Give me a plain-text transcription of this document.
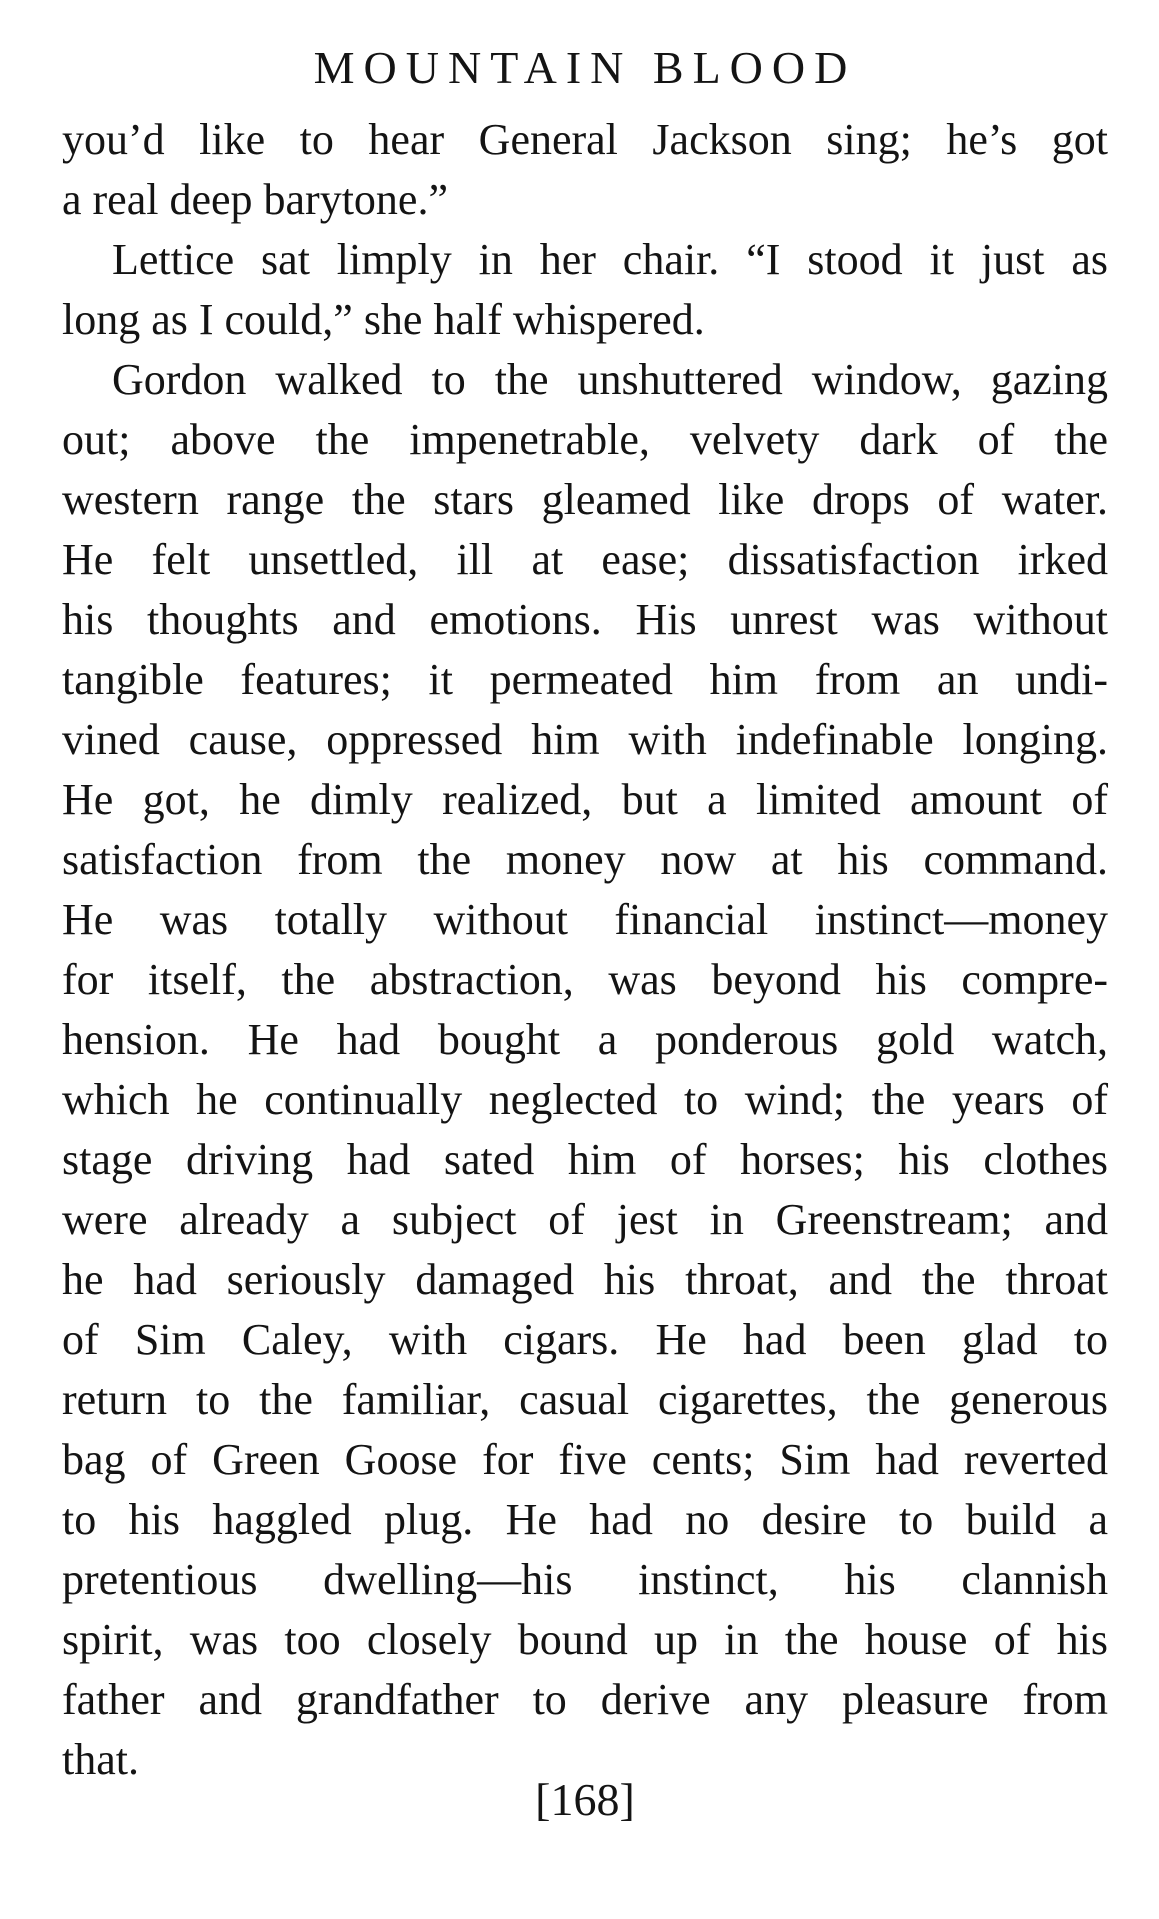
MOUNTAIN BLOOD
you’d like to hear General Jackson sing; he’s got
a real deep barytone.”
Lettice sat limply in her chair. “I stood it just as
long as I could,” she half whispered.
Gordon walked to the unshuttered window, gazing
out; above the impenetrable, velvety dark of the
western range the stars gleamed like drops of water.
He felt unsettled, ill at ease; dissatisfaction irked
his thoughts and emotions. His unrest was without
tangible features; it permeated him from an undi-
vined cause, oppressed him with indefinable longing.
He got, he dimly realized, but a limited amount of
satisfaction from the money now at his command.
He was totally without financial instinct—money
for itself, the abstraction, was beyond his compre-
hension. He had bought a ponderous gold watch,
which he continually neglected to wind; the years of
stage driving had sated him of horses; his clothes
were already a subject of jest in Greenstream; and
he had seriously damaged his throat, and the throat
of Sim Caley, with cigars. He had been glad to
return to the familiar, casual cigarettes, the generous
bag of Green Goose for five cents; Sim had reverted
to his haggled plug. He had no desire to build a
pretentious dwelling—his instinct, his clannish
spirit, was too closely bound up in the house of his
father and grandfather to derive any pleasure from
that.
[168]
